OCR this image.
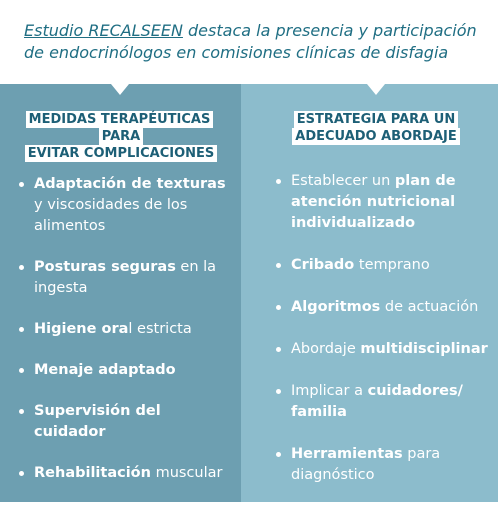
Estudio RECALSEEN destaca la presencia y participación de endocrinólogos en comisiones clínicas de disfagia

MEDIDAS TERAPÉUTICAS PARA
EVITAR COMPLICACIONES

ESTRATEGIA PARA UN
ADECUADO ABORDAJE

Adaptación de texturas y viscosidades de los alimentos
Posturas seguras en la ingesta
Higiene oral estricta
Menaje adaptado
Supervisión del cuidador
Rehabilitación muscular
Establecer un plan de atención nutricional individualizado
Cribado temprano
Algoritmos de actuación
Abordaje multidisciplinar
Implicar a cuidadores/ familia
Herramientas para diagnóstico
